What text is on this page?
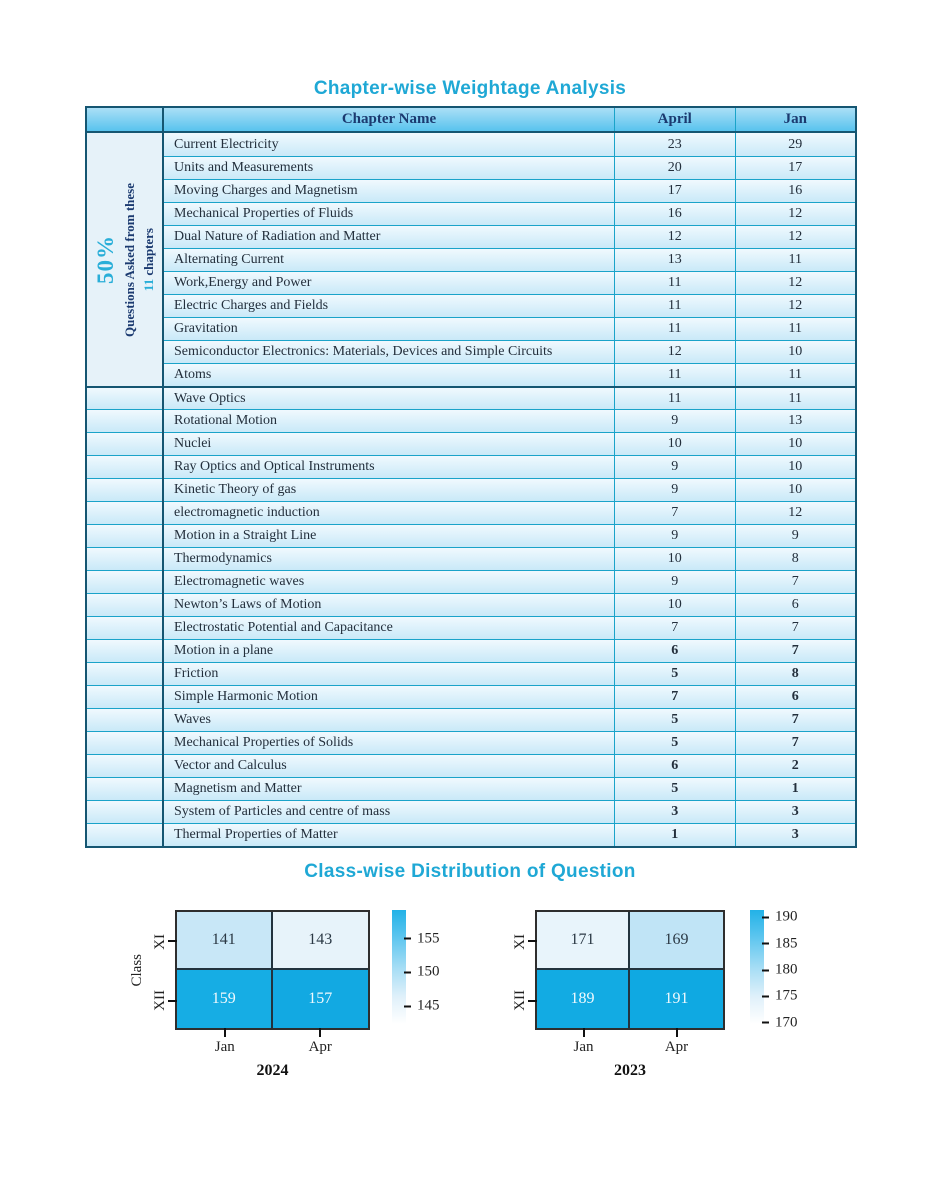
Chapter-wise Weightage Analysis
50% Questions Asked from these 11 chapters
Chapter Name	April	Jan
Current Electricity	23	29
Units and Measurements	20	17
Moving Charges and Magnetism	17	16
Mechanical Properties of Fluids	16	12
Dual Nature of Radiation and Matter	12	12
Alternating Current	13	11
Work,Energy and Power	11	12
Electric Charges and Fields	11	12
Gravitation	11	11
Semiconductor Electronics: Materials, Devices and Simple Circuits	12	10
Atoms	11	11
Wave Optics	11	11
Rotational Motion	9	13
Nuclei	10	10
Ray Optics and Optical Instruments	9	10
Kinetic Theory of gas	9	10
electromagnetic induction	7	12
Motion in a Straight Line	9	9
Thermodynamics	10	8
Electromagnetic waves	9	7
Newton’s Laws of Motion	10	6
Electrostatic Potential and Capacitance	7	7
Motion in a plane	6	7
Friction	5	8
Simple Harmonic Motion	7	6
Waves	5	7
Mechanical Properties of Solids	5	7
Vector and Calculus	6	2
Magnetism and Matter	5	1
System of Particles and centre of mass	3	3
Thermal Properties of Matter	1	3
Class-wise Distribution of Question
141	143
159	157
Class
XI
XII
Jan	Apr
2024
155
150
145
171	169
189	191
XI
XII
Jan	Apr
2023
190
185
180
175
170
